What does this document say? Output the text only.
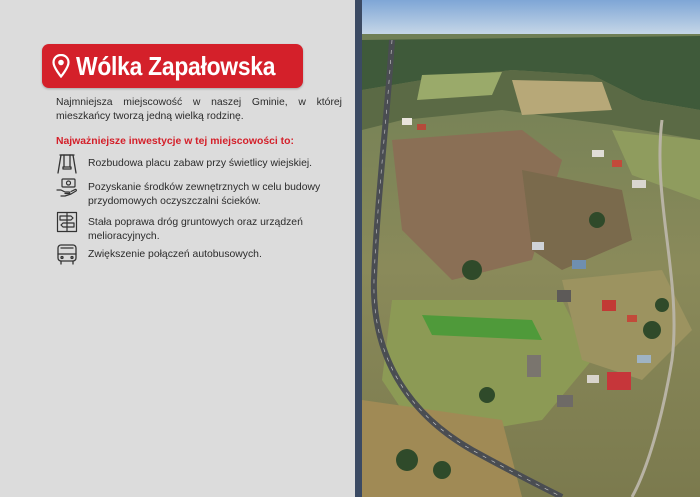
Wólka Zapałowska

Najmniejsza miejscowość w naszej Gminie, w której mieszkańcy tworzą jedną wielką rodzinę.

Najważniejsze inwestycje w tej miejscowości to:
Rozbudowa placu zabaw przy świetlicy wiejskiej.
Pozyskanie środków zewnętrznych w celu budowy przydomowych oczyszczalni ścieków.
Stała poprawa dróg gruntowych oraz urządzeń melioracyjnych.
Zwiększenie połączeń autobusowych.
